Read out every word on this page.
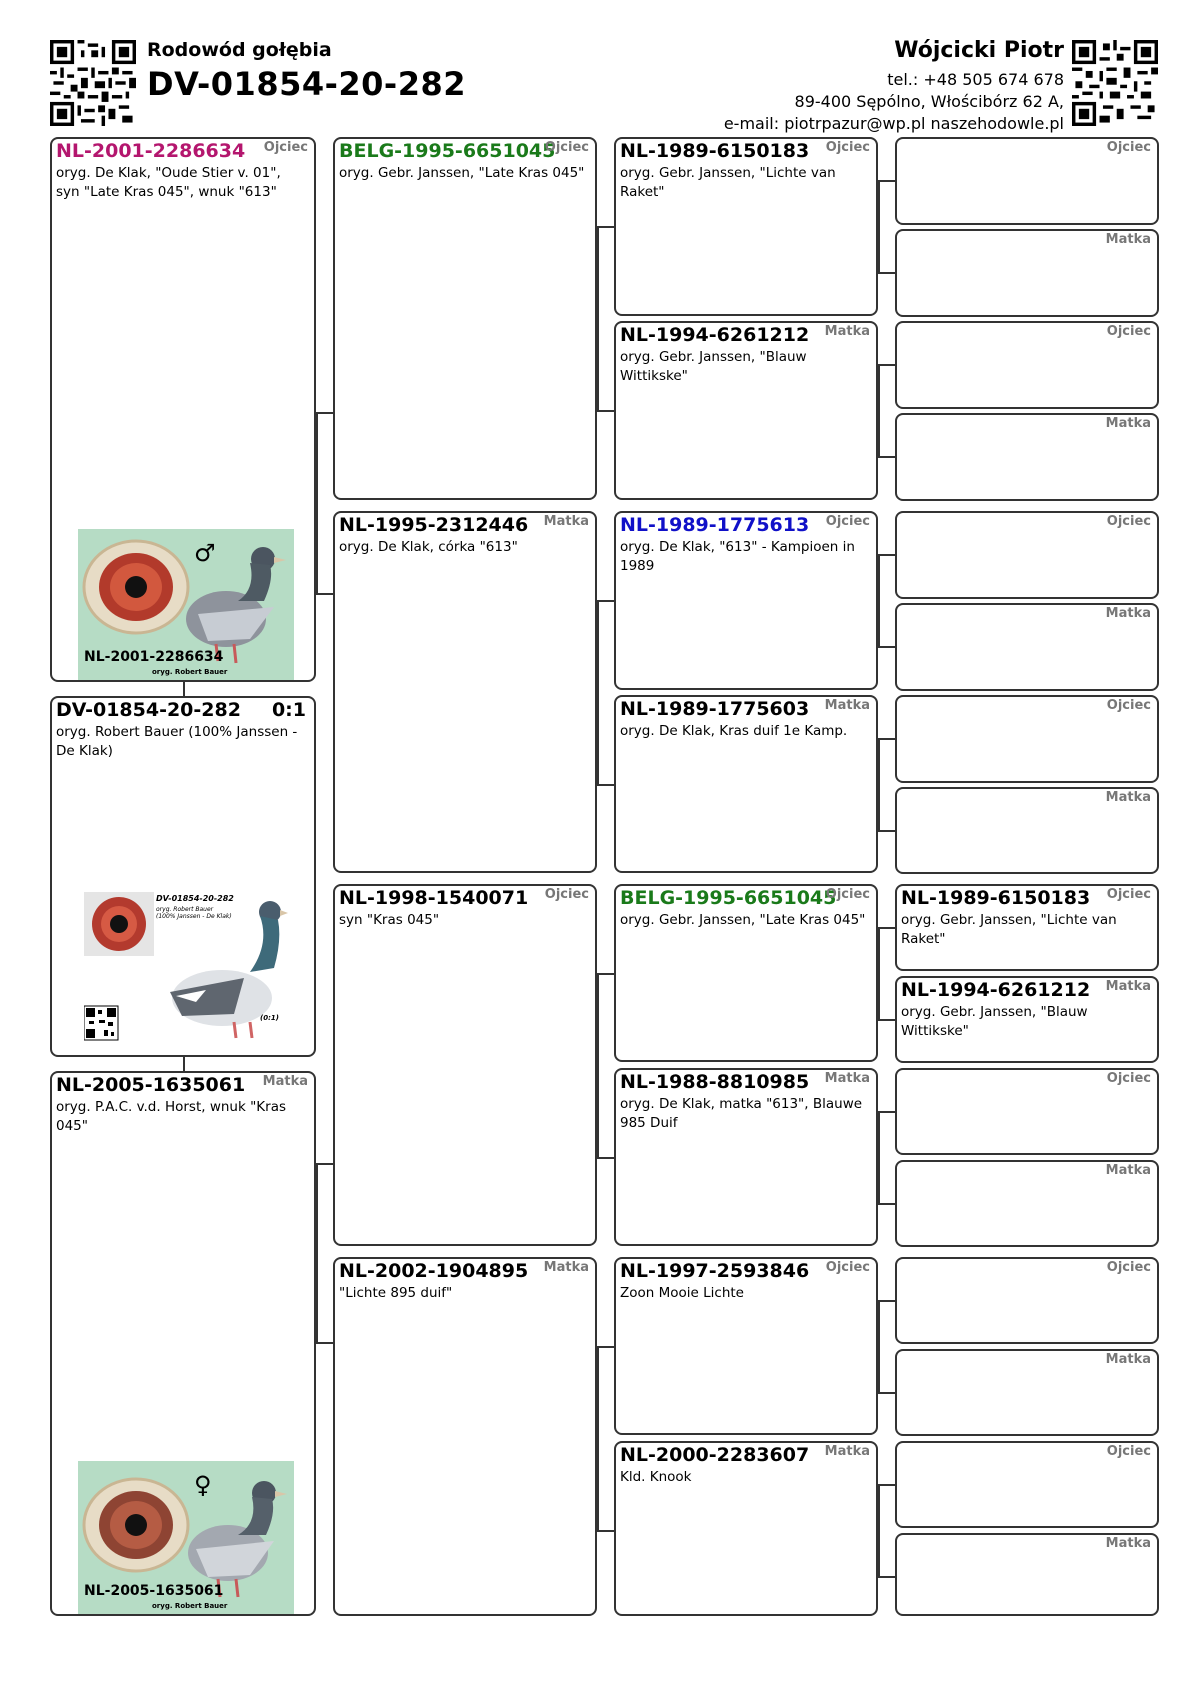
Rodowód gołębia
DV-01854-20-282
Wójcicki Piotr
tel.: +48 505 674 678
89-400 Sępólno, Włościbórz 62 A,
e-mail: piotrpazur@wp.pl naszehodowle.pl
NL-2001-2286634 Ojciec
oryg. De Klak, "Oude Stier v. 01", syn "Late Kras 045", wnuk "613"
♂
NL-2001-2286634
oryg. Robert Bauer
DV-01854-20-282 0:1
oryg. Robert Bauer (100% Janssen - De Klak)
DV-01854-20-282
oryg. Robert Bauer
(100% Janssen - De Klak)
(0:1)
NL-2005-1635061 Matka
oryg. P.A.C. v.d. Horst, wnuk "Kras 045"
♀
NL-2005-1635061
oryg. Robert Bauer
BELG-1995-6651045
Ojciec
oryg. Gebr. Janssen, "Late Kras 045"
NL-1995-2312446 Matka
oryg. De Klak, córka "613"
NL-1998-1540071 Ojciec
syn "Kras 045"
NL-2002-1904895 Matka
"Lichte 895 duif"
NL-1989-6150183 Ojciec
oryg. Gebr. Janssen, "Lichte van Raket"
NL-1994-6261212 Matka
oryg. Gebr. Janssen, "Blauw Wittikske"
NL-1989-1775613 Ojciec
oryg. De Klak, "613" - Kampioen in 1989
NL-1989-1775603 Matka
oryg. De Klak, Kras duif 1e Kamp.
BELG-1995-6651045
Ojciec
oryg. Gebr. Janssen, "Late Kras 045"
NL-1988-8810985 Matka
oryg. De Klak, matka "613", Blauwe 985 Duif
NL-1997-2593846 Ojciec
Zoon Mooie Lichte
NL-2000-2283607 Matka
Kld. Knook
Ojciec
Matka
Ojciec
Matka
Ojciec
Matka
Ojciec
Matka
NL-1989-6150183 Ojciec
oryg. Gebr. Janssen, "Lichte van Raket"
NL-1994-6261212 Matka
oryg. Gebr. Janssen, "Blauw Wittikske"
Ojciec
Matka
Ojciec
Matka
Ojciec
Matka
